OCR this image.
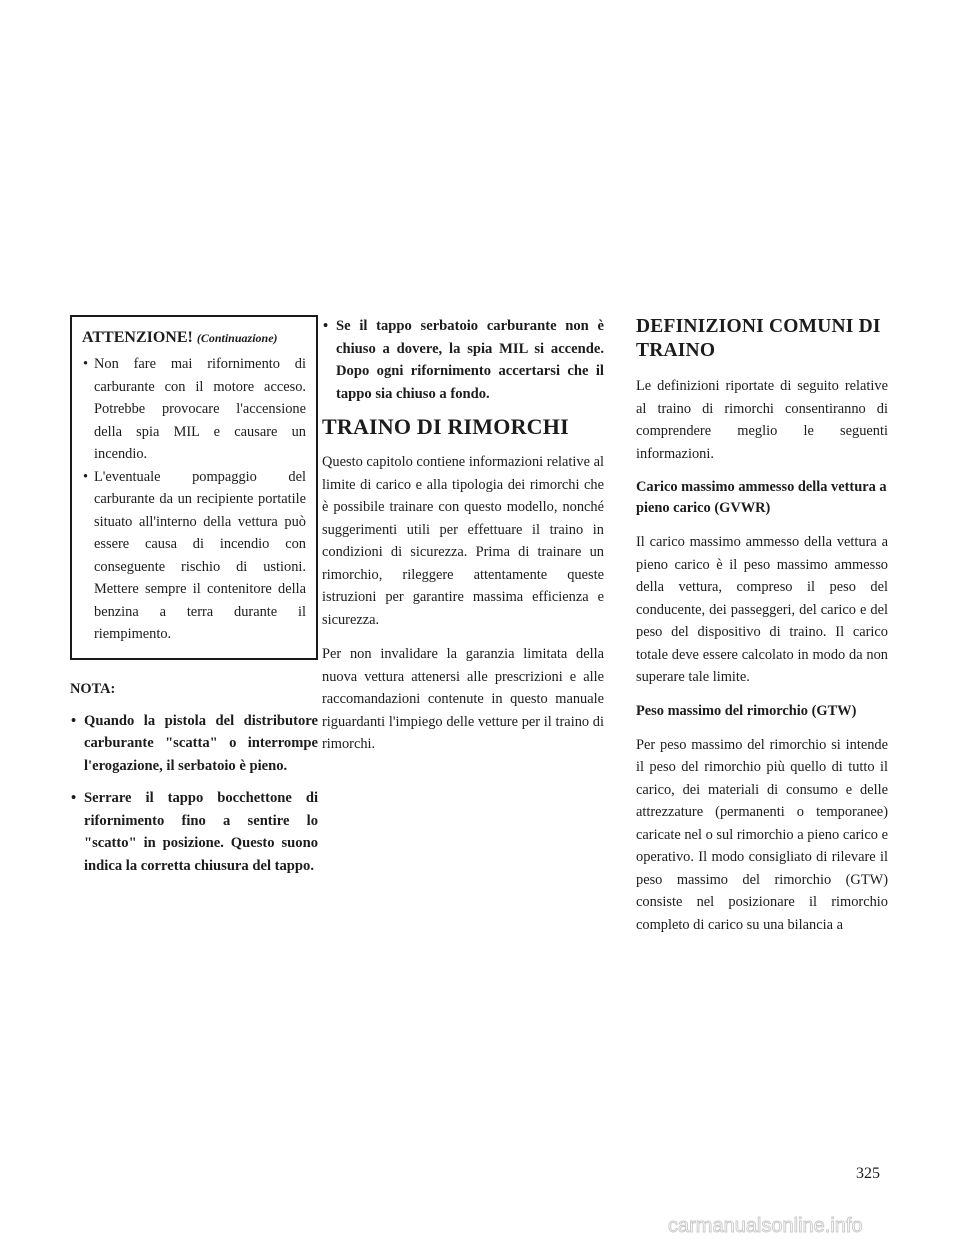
ATTENZIONE! (Continuazione)
• Non fare mai rifornimento di carburante con il motore acceso. Potrebbe provocare l'accensione della spia MIL e causare un incendio.
• L'eventuale pompaggio del carburante da un recipiente portatile situato all'interno della vettura può essere causa di incendio con conseguente rischio di ustioni. Mettere sempre il contenitore della benzina a terra durante il riempimento.
NOTA:
• Quando la pistola del distributore carburante "scatta" o interrompe l'erogazione, il serbatoio è pieno.
• Serrare il tappo bocchettone di rifornimento fino a sentire lo "scatto" in posizione. Questo suono indica la corretta chiusura del tappo.
• Se il tappo serbatoio carburante non è chiuso a dovere, la spia MIL si accende. Dopo ogni rifornimento accertarsi che il tappo sia chiuso a fondo.
TRAINO DI RIMORCHI

Questo capitolo contiene informazioni relative al limite di carico e alla tipologia dei rimorchi che è possibile trainare con questo modello, nonché suggerimenti utili per effettuare il traino in condizioni di sicurezza. Prima di trainare un rimorchio, rileggere attentamente queste istruzioni per garantire massima efficienza e sicurezza.

Per non invalidare la garanzia limitata della nuova vettura attenersi alle prescrizioni e alle raccomandazioni contenute in questo manuale riguardanti l'impiego delle vetture per il traino di rimorchi.

DEFINIZIONI COMUNI DI TRAINO

Le definizioni riportate di seguito relative al traino di rimorchi consentiranno di comprendere meglio le seguenti informazioni.

Carico massimo ammesso della vettura a pieno carico (GVWR)

Il carico massimo ammesso della vettura a pieno carico è il peso massimo ammesso della vettura, compreso il peso del conducente, dei passeggeri, del carico e del peso del dispositivo di traino. Il carico totale deve essere calcolato in modo da non superare tale limite.

Peso massimo del rimorchio (GTW)

Per peso massimo del rimorchio si intende il peso del rimorchio più quello di tutto il carico, dei materiali di consumo e delle attrezzature (permanenti o temporanee) caricate nel o sul rimorchio a pieno carico e operativo. Il modo consigliato di rilevare il peso massimo del rimorchio (GTW) consiste nel posizionare il rimorchio completo di carico su una bilancia a

325
carmanualsonline.info
